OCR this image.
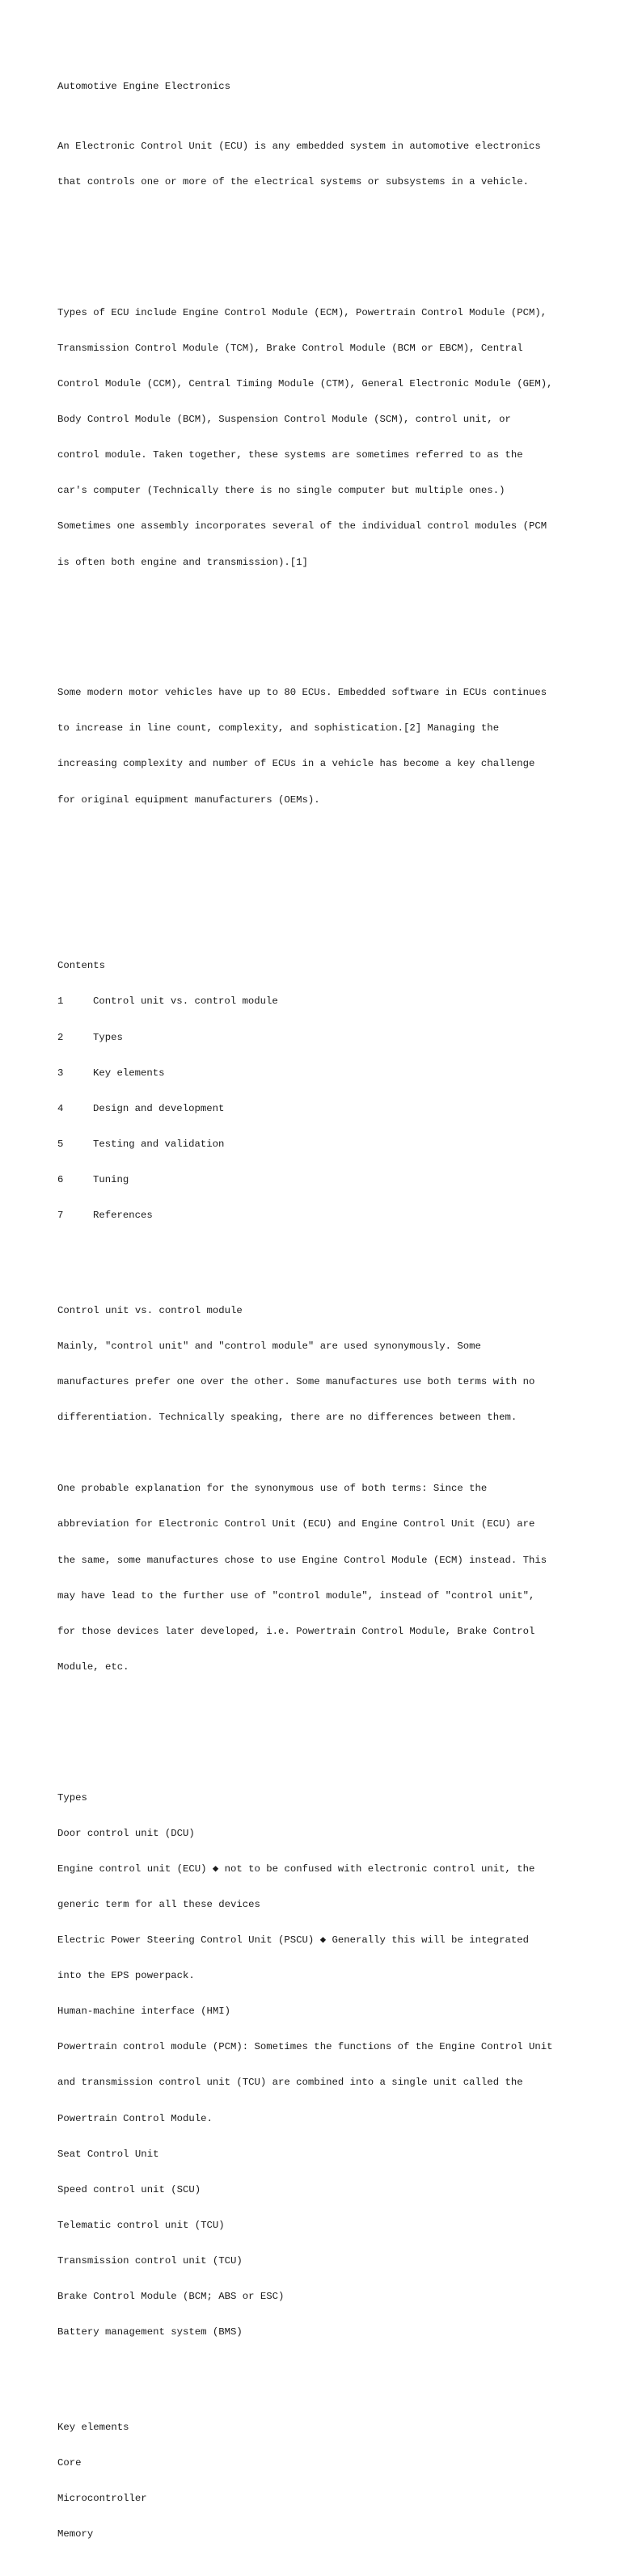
Automotive Engine Electronics

An Electronic Control Unit (ECU) is any embedded system in automotive electronics

that controls one or more of the electrical systems or subsystems in a vehicle.

Types of ECU include Engine Control Module (ECM), Powertrain Control Module (PCM),

Transmission Control Module (TCM), Brake Control Module (BCM or EBCM), Central

Control Module (CCM), Central Timing Module (CTM), General Electronic Module (GEM),

Body Control Module (BCM), Suspension Control Module (SCM), control unit, or

control module. Taken together, these systems are sometimes referred to as the

car's computer (Technically there is no single computer but multiple ones.)

Sometimes one assembly incorporates several of the individual control modules (PCM

is often both engine and transmission).[1]

Some modern motor vehicles have up to 80 ECUs. Embedded software in ECUs continues

to increase in line count, complexity, and sophistication.[2] Managing the

increasing complexity and number of ECUs in a vehicle has become a key challenge

for original equipment manufacturers (OEMs).

Contents

1	Control unit vs. control module

2	Types

3	Key elements

4	Design and development

5	Testing and validation

6	Tuning

7	References

Control unit vs. control module

Mainly, "control unit" and "control module" are used synonymously. Some

manufactures prefer one over the other. Some manufactures use both terms with no

differentiation. Technically speaking, there are no differences between them.

One probable explanation for the synonymous use of both terms: Since the

abbreviation for Electronic Control Unit (ECU) and Engine Control Unit (ECU) are

the same, some manufactures chose to use Engine Control Module (ECM) instead. This

may have lead to the further use of "control module", instead of "control unit",

for those devices later developed, i.e. Powertrain Control Module, Brake Control

Module, etc.

Types

Door control unit (DCU)

Engine control unit (ECU) ◆ not to be confused with electronic control unit, the

generic term for all these devices

Electric Power Steering Control Unit (PSCU) ◆ Generally this will be integrated

into the EPS powerpack.

Human-machine interface (HMI)

Powertrain control module (PCM): Sometimes the functions of the Engine Control Unit

and transmission control unit (TCU) are combined into a single unit called the

Powertrain Control Module.

Seat Control Unit

Speed control unit (SCU)

Telematic control unit (TCU)

Transmission control unit (TCU)

Brake Control Module (BCM; ABS or ESC)

Battery management system (BMS)

Key elements

Core

Microcontroller

Memory
